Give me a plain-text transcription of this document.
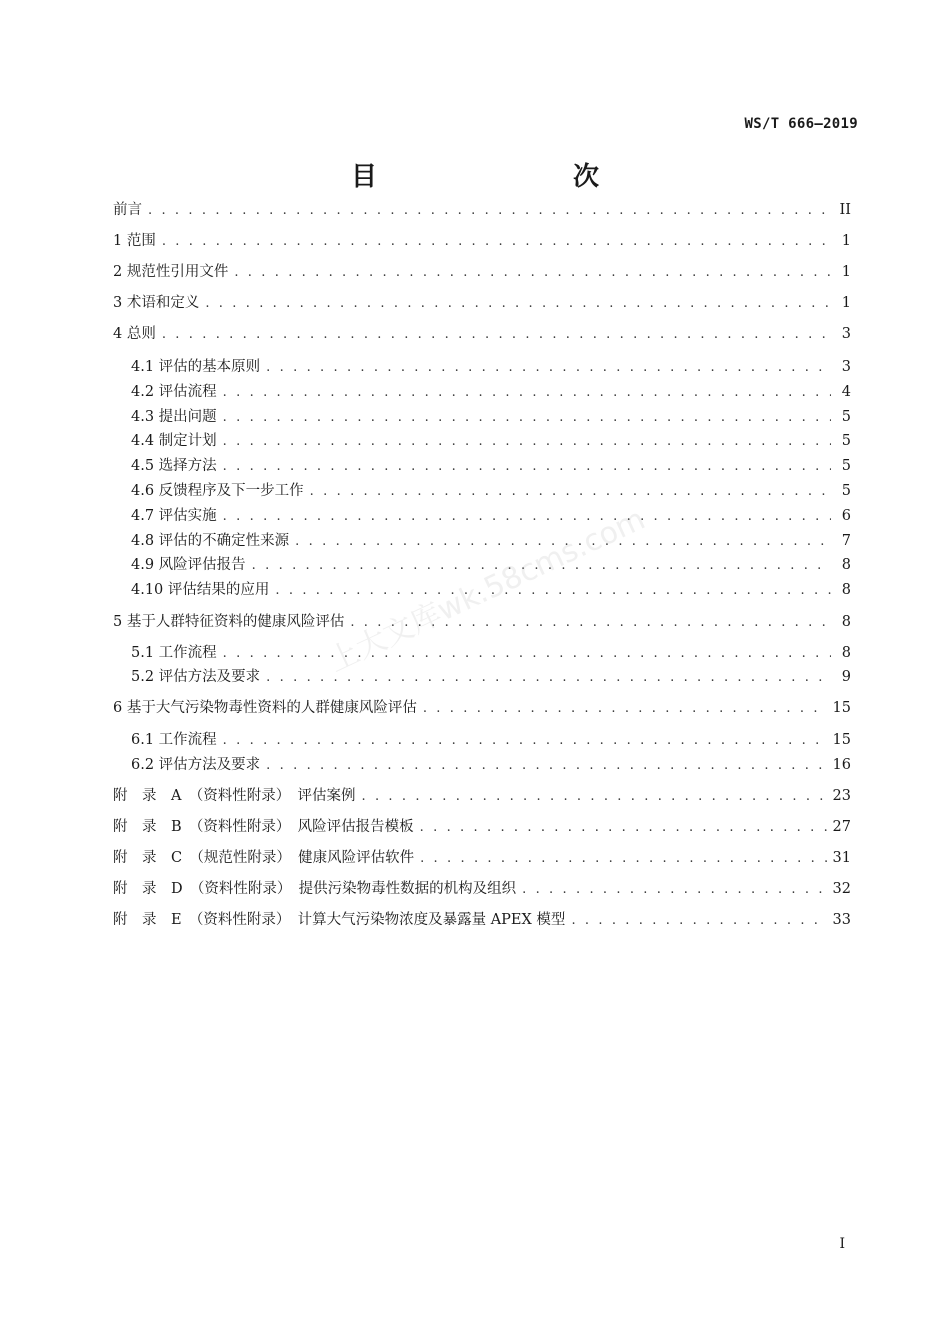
WS/T 666—2019
目　　次
前言 . . .	II
1 范围 . . .	1
2 规范性引用文件 . . .	1
3 术语和定义 . . .	1
4 总则 . . .	3
4.1 评估的基本原则 . . .	3
4.2 评估流程 . . .	4
4.3 提出问题 . . .	5
4.4 制定计划 . . .	5
4.5 选择方法 . . .	5
4.6 反馈程序及下一步工作 . . .	5
4.7 评估实施 . . .	6
4.8 评估的不确定性来源 . . .	7
4.9 风险评估报告 . . .	8
4.10 评估结果的应用 . . .	8
5 基于人群特征资料的健康风险评估 . . .	8
5.1 工作流程 . . .	8
5.2 评估方法及要求 . . .	9
6 基于大气污染物毒性资料的人群健康风险评估 . . .	15
6.1 工作流程 . . .	15
6.2 评估方法及要求 . . .	16
附　录　A　（资料性附录）　评估案例 . . .	23
附　录　B　（资料性附录）　风险评估报告模板 . . .	27
附　录　C　（规范性附录）　健康风险评估软件 . . .	31
附　录　D　（资料性附录）　提供污染物毒性数据的机构及组织 . . .	32
附　录　E　（资料性附录）　计算大气污染物浓度及暴露量 APEX 模型 . . .	33
上大文库wk.58cms.com
I
